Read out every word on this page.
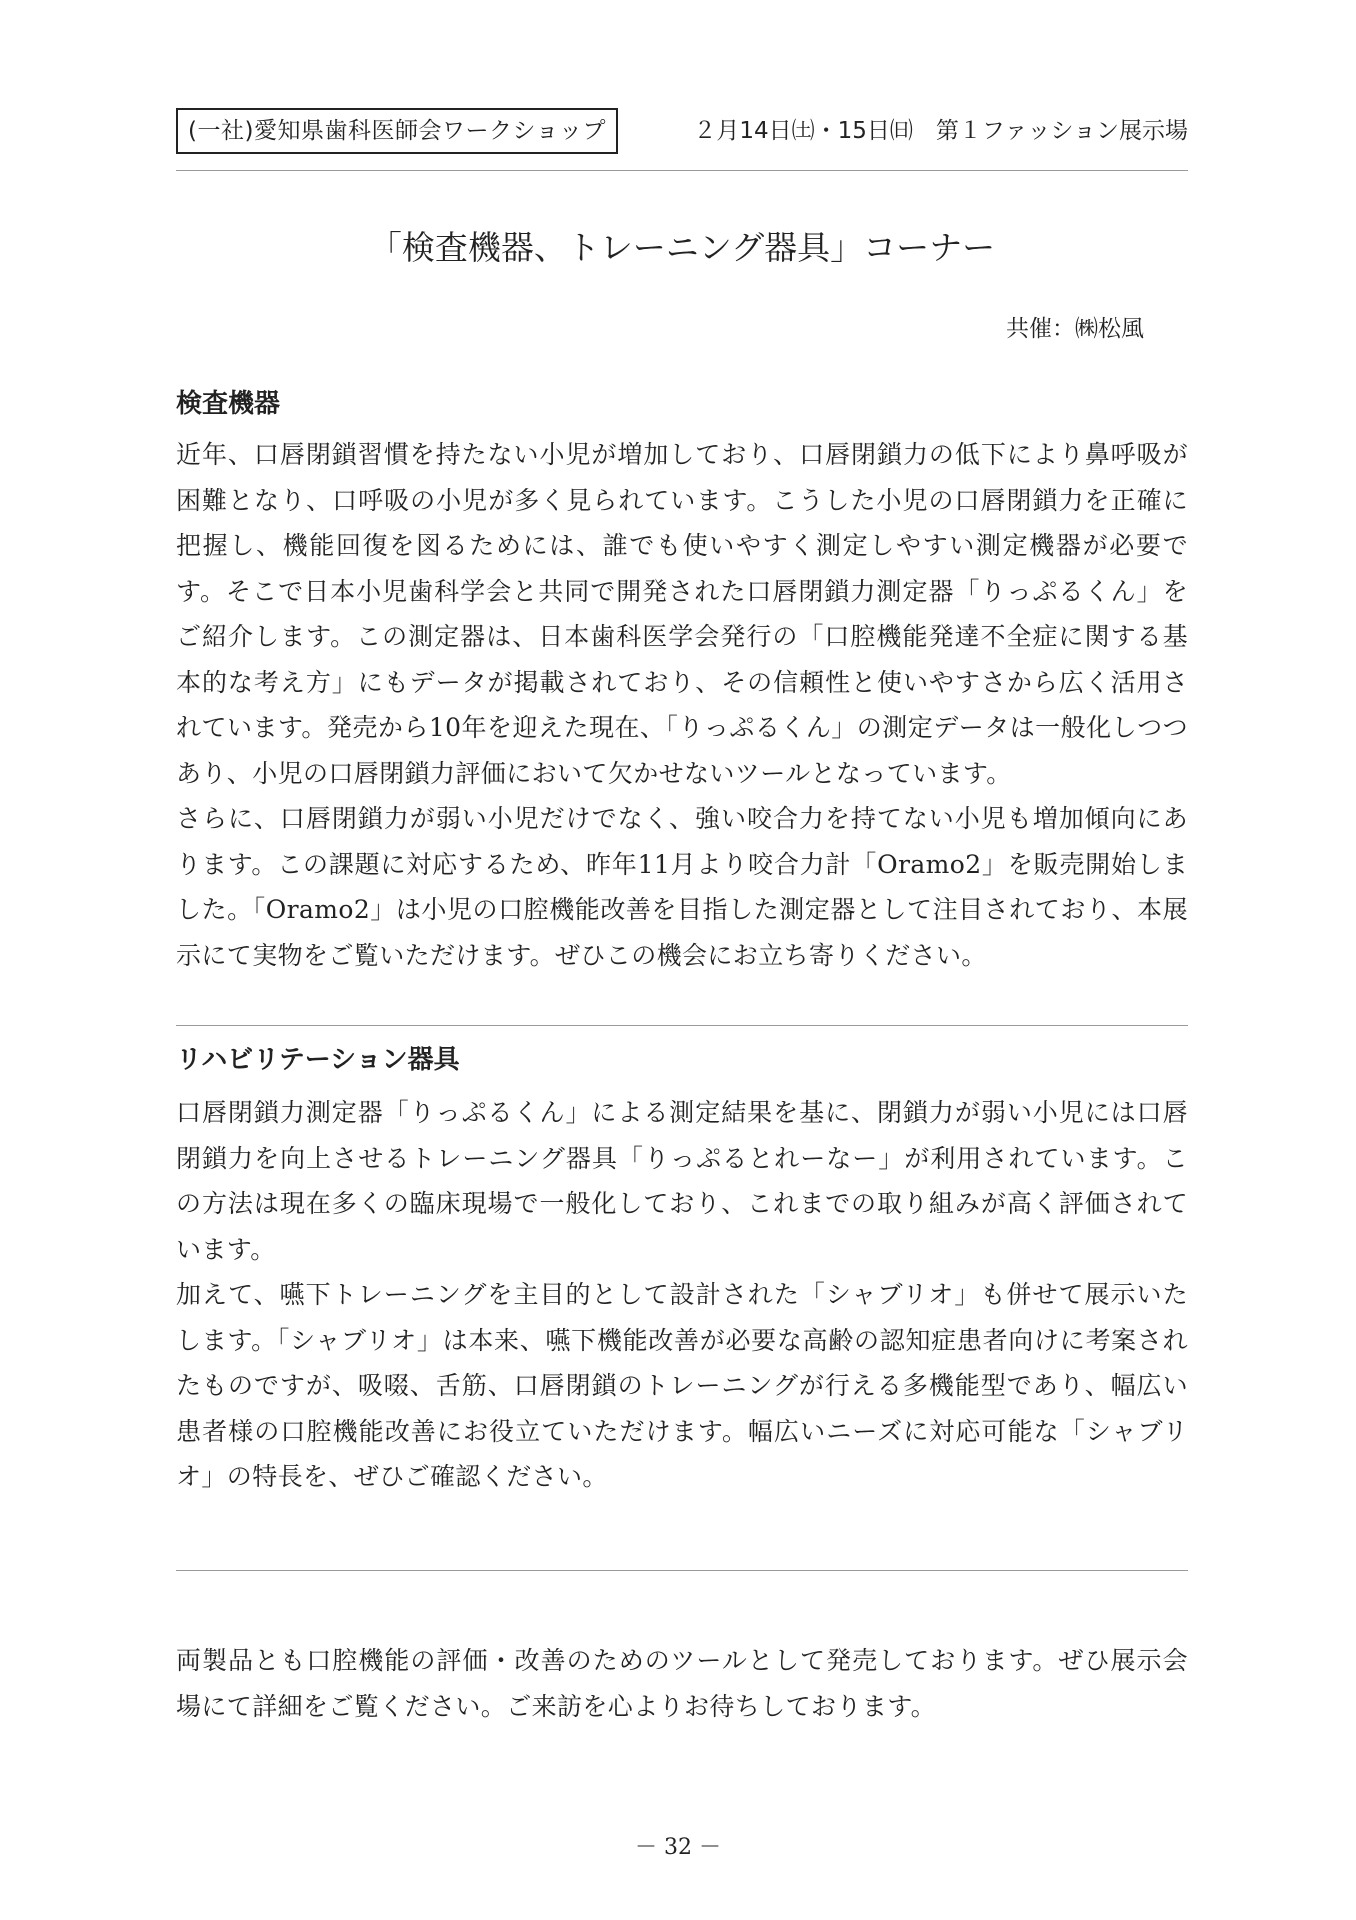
(一社)愛知県歯科医師会ワークショップ	２月14日㈯・15日㈰　第１ファッション展示場
「検査機器、トレーニング器具」コーナー
共催：㈱松風
検査機器

近年、口唇閉鎖習慣を持たない小児が増加しており、口唇閉鎖力の低下により鼻呼吸が困難となり、口呼吸の小児が多く見られています。こうした小児の口唇閉鎖力を正確に把握し、機能回復を図るためには、誰でも使いやすく測定しやすい測定機器が必要です。そこで日本小児歯科学会と共同で開発された口唇閉鎖力測定器「りっぷるくん」をご紹介します。この測定器は、日本歯科医学会発行の「口腔機能発達不全症に関する基本的な考え方」にもデータが掲載されており、その信頼性と使いやすさから広く活用されています。発売から10年を迎えた現在、「りっぷるくん」の測定データは一般化しつつあり、小児の口唇閉鎖力評価において欠かせないツールとなっています。

さらに、口唇閉鎖力が弱い小児だけでなく、強い咬合力を持てない小児も増加傾向にあります。この課題に対応するため、昨年11月より咬合力計「Oramo2」を販売開始しました。「Oramo2」は小児の口腔機能改善を目指した測定器として注目されており、本展示にて実物をご覧いただけます。ぜひこの機会にお立ち寄りください。

リハビリテーション器具

口唇閉鎖力測定器「りっぷるくん」による測定結果を基に、閉鎖力が弱い小児には口唇閉鎖力を向上させるトレーニング器具「りっぷるとれーなー」が利用されています。この方法は現在多くの臨床現場で一般化しており、これまでの取り組みが高く評価されています。

加えて、嚥下トレーニングを主目的として設計された「シャブリオ」も併せて展示いたします。「シャブリオ」は本来、嚥下機能改善が必要な高齢の認知症患者向けに考案されたものですが、吸啜、舌筋、口唇閉鎖のトレーニングが行える多機能型であり、幅広い患者様の口腔機能改善にお役立ていただけます。幅広いニーズに対応可能な「シャブリオ」の特長を、ぜひご確認ください。

両製品とも口腔機能の評価・改善のためのツールとして発売しております。ぜひ展示会場にて詳細をご覧ください。ご来訪を心よりお待ちしております。

－ 32 －
